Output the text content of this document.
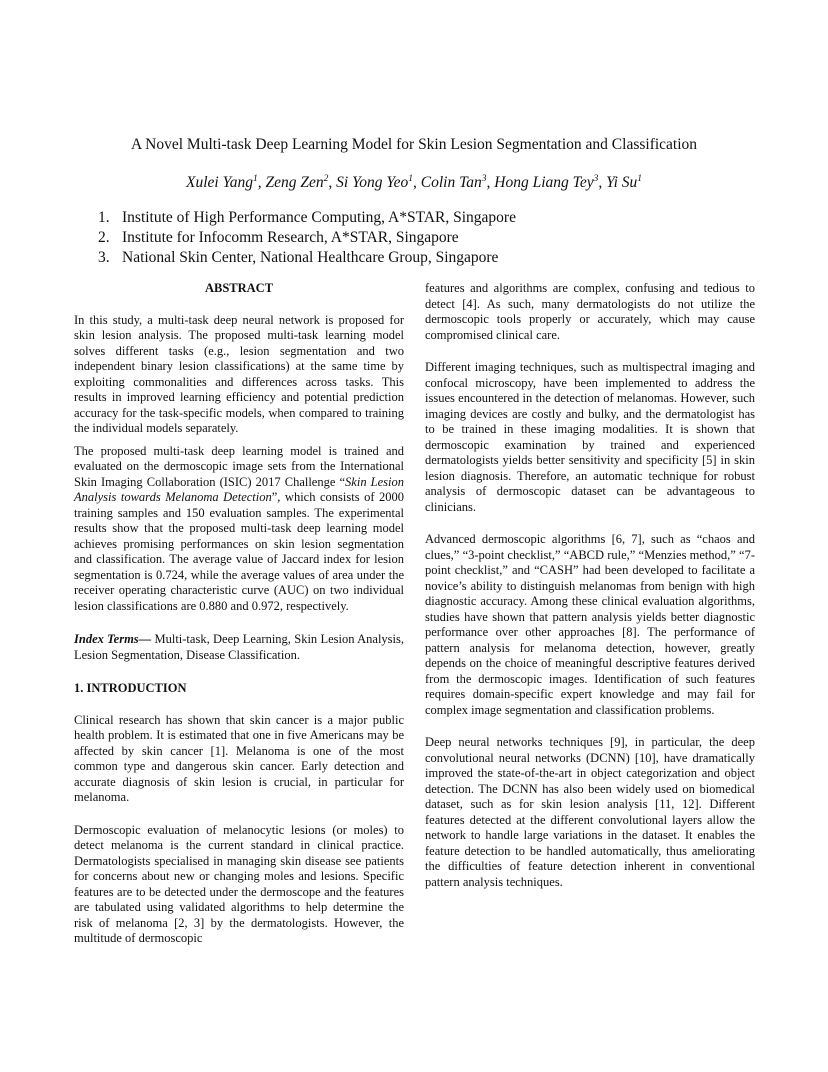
A Novel Multi-task Deep Learning Model for Skin Lesion Segmentation and Classification
Xulei Yang$^1$, Zeng Zen$^2$, Si Yong Yeo$^1$, Colin Tan$^3$, Hong Liang Tey$^3$, Yi Su$^1$
1. Institute of High Performance Computing, A*STAR, Singapore
2. Institute for Infocomm Research, A*STAR, Singapore
3. National Skin Center, National Healthcare Group, Singapore

ABSTRACT

In this study, a multi-task deep neural network is proposed for skin lesion analysis. The proposed multi-task learning model solves different tasks (e.g., lesion segmentation and two independent binary lesion classifications) at the same time by exploiting commonalities and differences across tasks. This results in improved learning efficiency and potential prediction accuracy for the task-specific models, when compared to training the individual models separately.

The proposed multi-task deep learning model is trained and evaluated on the dermoscopic image sets from the International Skin Imaging Collaboration (ISIC) 2017 Challenge “Skin Lesion Analysis towards Melanoma Detection”, which consists of 2000 training samples and 150 evaluation samples. The experimental results show that the proposed multi-task deep learning model achieves promising performances on skin lesion segmentation and classification. The average value of Jaccard index for lesion segmentation is 0.724, while the average values of area under the receiver operating characteristic curve (AUC) on two individual lesion classifications are 0.880 and 0.972, respectively.

Index Terms— Multi-task, Deep Learning, Skin Lesion Analysis, Lesion Segmentation, Disease Classification.

1. INTRODUCTION

Clinical research has shown that skin cancer is a major public health problem. It is estimated that one in five Americans may be affected by skin cancer [1]. Melanoma is one of the most common type and dangerous skin cancer. Early detection and accurate diagnosis of skin lesion is crucial, in particular for melanoma.

Dermoscopic evaluation of melanocytic lesions (or moles) to detect melanoma is the current standard in clinical practice. Dermatologists specialised in managing skin disease see patients for concerns about new or changing moles and lesions. Specific features are to be detected under the dermoscope and the features are tabulated using validated algorithms to help determine the risk of melanoma [2, 3] by the dermatologists. However, the multitude of dermoscopic

features and algorithms are complex, confusing and tedious to detect [4]. As such, many dermatologists do not utilize the dermoscopic tools properly or accurately, which may cause compromised clinical care.

Different imaging techniques, such as multispectral imaging and confocal microscopy, have been implemented to address the issues encountered in the detection of melanomas. However, such imaging devices are costly and bulky, and the dermatologist has to be trained in these imaging modalities. It is shown that dermoscopic examination by trained and experienced dermatologists yields better sensitivity and specificity [5] in skin lesion diagnosis. Therefore, an automatic technique for robust analysis of dermoscopic dataset can be advantageous to clinicians.

Advanced dermoscopic algorithms [6, 7], such as “chaos and clues,” “3-point checklist,” “ABCD rule,” “Menzies method,” “7-point checklist,” and “CASH” had been developed to facilitate a novice’s ability to distinguish melanomas from benign with high diagnostic accuracy. Among these clinical evaluation algorithms, studies have shown that pattern analysis yields better diagnostic performance over other approaches [8]. The performance of pattern analysis for melanoma detection, however, greatly depends on the choice of meaningful descriptive features derived from the dermoscopic images. Identification of such features requires domain-specific expert knowledge and may fail for complex image segmentation and classification problems.

Deep neural networks techniques [9], in particular, the deep convolutional neural networks (DCNN) [10], have dramatically improved the state-of-the-art in object categorization and object detection. The DCNN has also been widely used on biomedical dataset, such as for skin lesion analysis [11, 12]. Different features detected at the different convolutional layers allow the network to handle large variations in the dataset. It enables the feature detection to be handled automatically, thus ameliorating the difficulties of feature detection inherent in conventional pattern analysis techniques.
